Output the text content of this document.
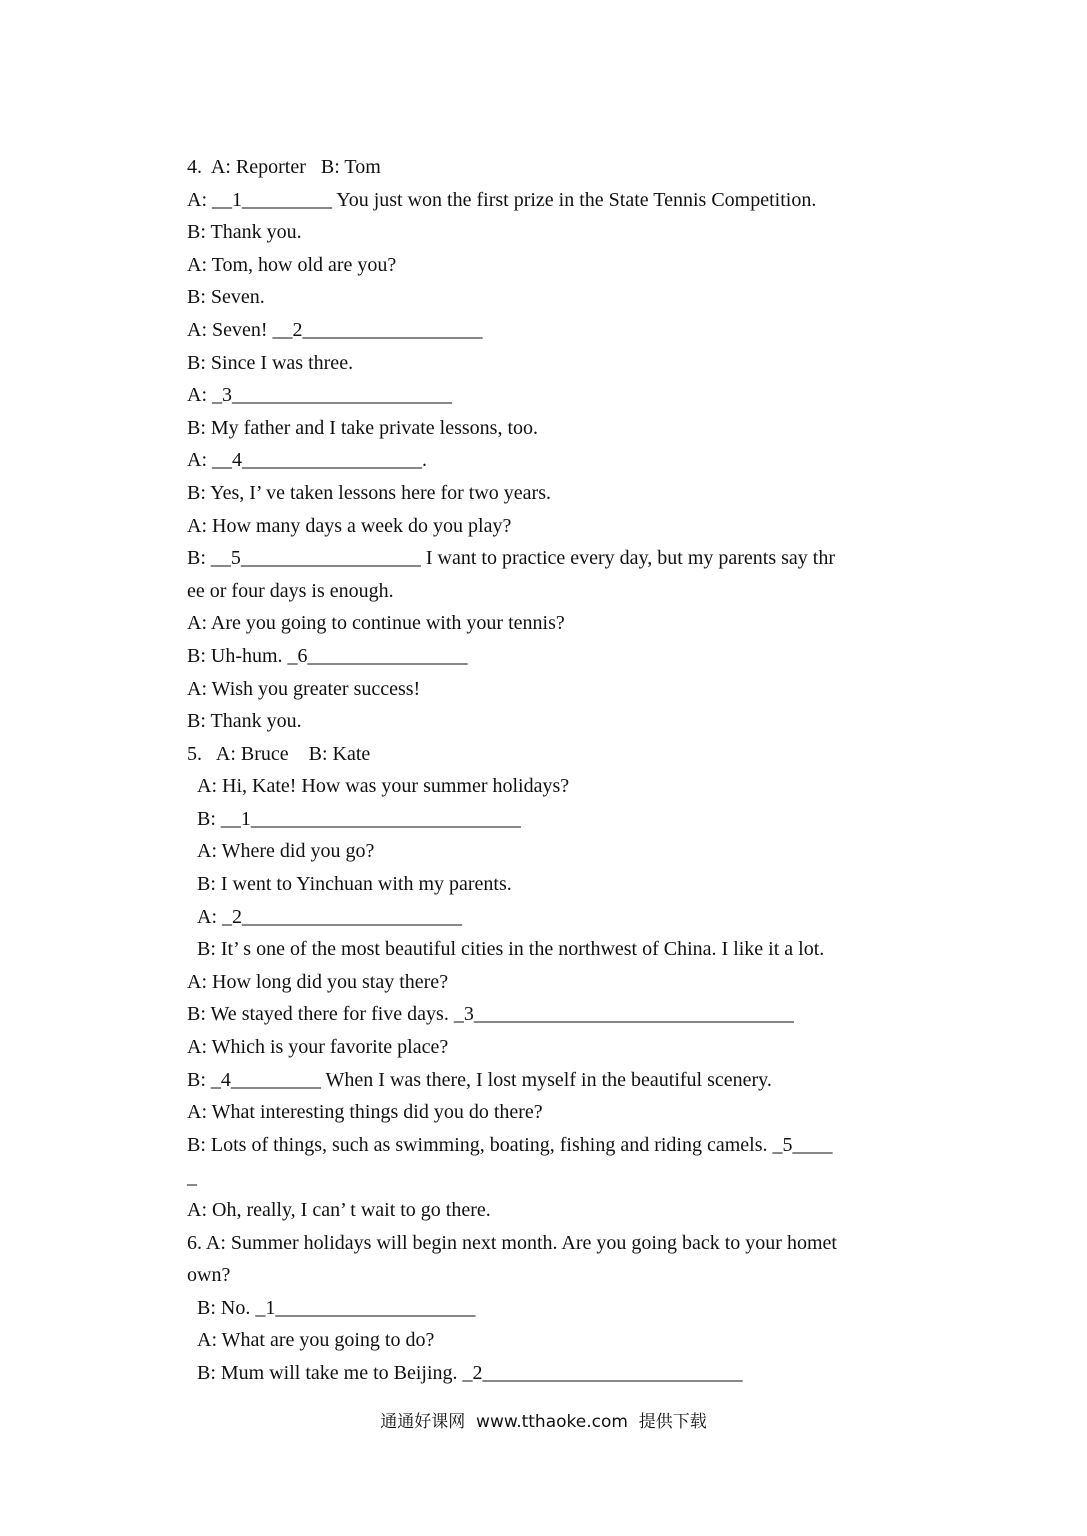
4.  A: Reporter   B: Tom
A: __1_________ You just won the first prize in the State Tennis Competition.
B: Thank you.
A: Tom, how old are you?
B: Seven.
A: Seven! __2__________________
B: Since I was three.
A: _3______________________
B: My father and I take private lessons, too.
A: __4__________________.
B: Yes, I’ ve taken lessons here for two years.
A: How many days a week do you play?
B: __5__________________ I want to practice every day, but my parents say thr
ee or four days is enough.
A: Are you going to continue with your tennis?
B: Uh-hum. _6________________
A: Wish you greater success!
B: Thank you.
5.   A: Bruce    B: Kate
A: Hi, Kate! How was your summer holidays?
B: __1___________________________
A: Where did you go?
B: I went to Yinchuan with my parents.
A: _2______________________
B: It’ s one of the most beautiful cities in the northwest of China. I like it a lot.
A: How long did you stay there?
B: We stayed there for five days. _3________________________________
A: Which is your favorite place?
B: _4_________ When I was there, I lost myself in the beautiful scenery.
A: What interesting things did you do there?
B: Lots of things, such as swimming, boating, fishing and riding camels. _5____
_
A: Oh, really, I can’ t wait to go there.
6. A: Summer holidays will begin next month. Are you going back to your homet
own?
B: No. _1____________________
A: What are you going to do?
B: Mum will take me to Beijing. _2__________________________
通通好课网  www.tthaoke.com  提供下载
